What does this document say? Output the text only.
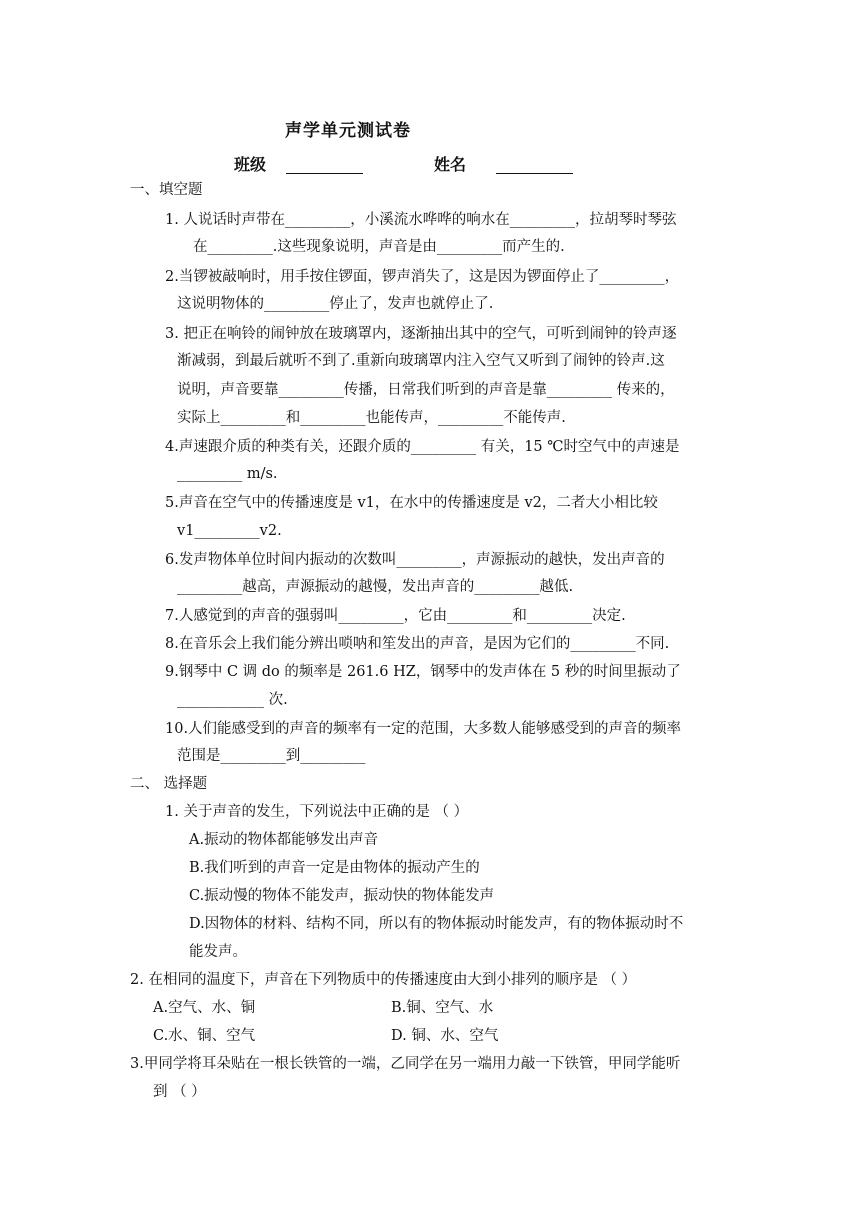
声学单元测试卷
班级	姓名
一、填空题
1. 人说话时声带在_________，小溪流水哗哗的响水在_________，拉胡琴时琴弦
在_________.这些现象说明，声音是由_________而产生的.
2.当锣被敲响时，用手按住锣面，锣声消失了，这是因为锣面停止了_________，
这说明物体的_________停止了，发声也就停止了.
3. 把正在响铃的闹钟放在玻璃罩内，逐渐抽出其中的空气，可听到闹钟的铃声逐
渐减弱，到最后就听不到了.重新向玻璃罩内注入空气又听到了闹钟的铃声.这
说明，声音要靠_________传播，日常我们听到的声音是靠_________ 传来的，
实际上_________和_________也能传声，_________不能传声.
4.声速跟介质的种类有关，还跟介质的_________ 有关，15 ℃时空气中的声速是
_________ m/s.
5.声音在空气中的传播速度是 v1，在水中的传播速度是 v2，二者大小相比较
v1_________v2.
6.发声物体单位时间内振动的次数叫_________，声源振动的越快，发出声音的
_________越高，声源振动的越慢，发出声音的_________越低.
7.人感觉到的声音的强弱叫_________，它由_________和_________决定.
8.在音乐会上我们能分辨出唢呐和笙发出的声音，是因为它们的_________不同.
9.钢琴中 C 调 do 的频率是 261.6 HZ，钢琴中的发声体在 5 秒的时间里振动了
____________ 次.
10.人们能感受到的声音的频率有一定的范围，大多数人能够感受到的声音的频率
范围是_________到_________
二、 选择题
1. 关于声音的发生，下列说法中正确的是 （ ）
A.振动的物体都能够发出声音
B.我们听到的声音一定是由物体的振动产生的
C.振动慢的物体不能发声，振动快的物体能发声
D.因物体的材料、结构不同，所以有的物体振动时能发声，有的物体振动时不
能发声。
2. 在相同的温度下，声音在下列物质中的传播速度由大到小排列的顺序是 （ ）
A.空气、水、铜	B.铜、空气、水
C.水、铜、空气	D. 铜、水、空气
3.甲同学将耳朵贴在一根长铁管的一端，乙同学在另一端用力敲一下铁管，甲同学能听
到 （ ）
